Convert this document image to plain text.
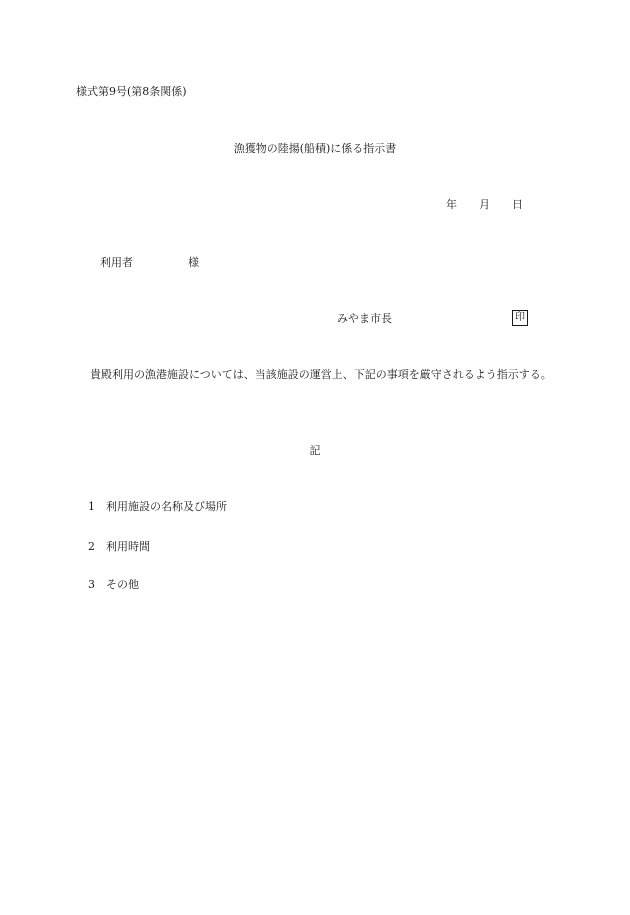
様式第9号(第8条関係)
漁獲物の陸揚(船積)に係る指示書
年 月 日
利用者	様
みやま市長	印
貴殿利用の漁港施設については、当該施設の運営上、下記の事項を厳守されるよう指示する。
記
1 利用施設の名称及び場所
2 利用時間
3 その他
